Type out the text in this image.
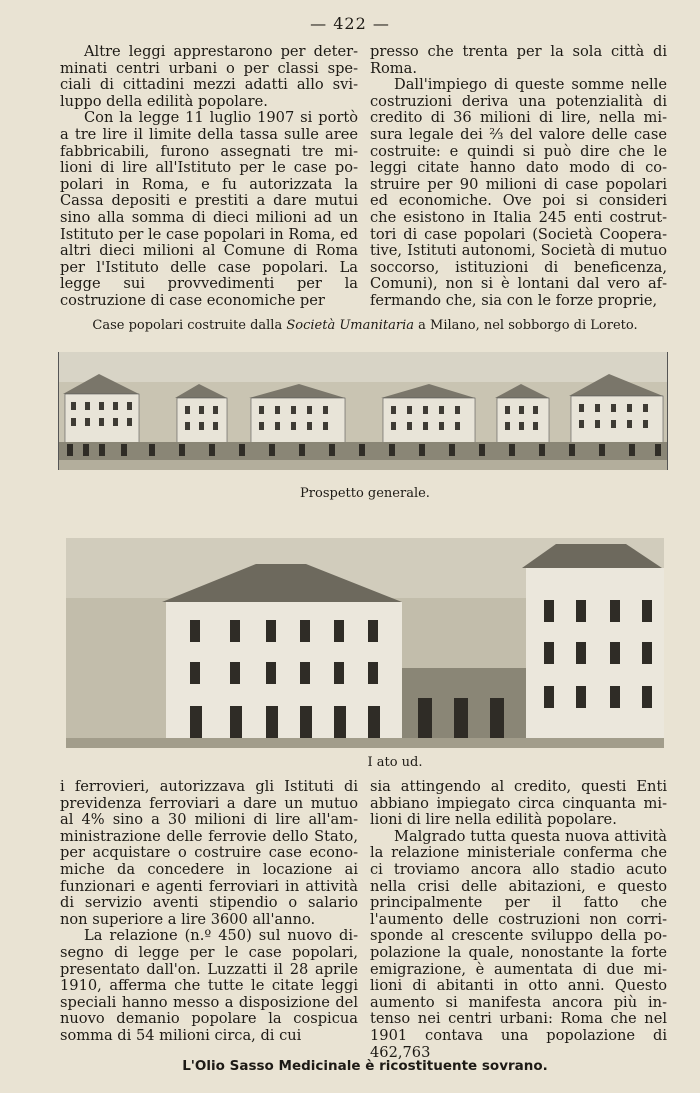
— 422 —

Altre leggi apprestarono per determinati centri urbani o per classi speciali di cittadini mezzi adatti allo sviluppo della edilità popolare.

Con la legge 11 luglio 1907 si portò a tre lire il limite della tassa sulle aree fabbricabili, furono assegnati tre milioni di lire all'Istituto per le case popolari in Roma, e fu autorizzata la Cassa depositi e prestiti a dare mutui sino alla somma di dieci milioni ad un Istituto per le case popolari in Roma, ed altri dieci milioni al Comune di Roma per l'Istituto delle case popolari. La legge sui provvedimenti per la costruzione di case economiche per

presso che trenta per la sola città di Roma.

Dall'impiego di queste somme nelle costruzioni deriva una potenzialità di credito di 36 milioni di lire, nella misura legale dei ⅔ del valore delle case costruite: e quindi si può dire che le leggi citate hanno dato modo di costruire per 90 milioni di case popolari ed economiche. Ove poi si consideri che esistono in Italia 245 enti costruttori di case popolari (Società Cooperative, Istituti autonomi, Società di mutuo soccorso, istituzioni di beneficenza, Comuni), non si è lontani dal vero affermando che, sia con le forze proprie,

Case popolari costruite dalla Società Umanitaria a Milano, nel sobborgo di Loreto.
Prospetto generale.
I ato ud.

i ferrovieri, autorizzava gli Istituti di previdenza ferroviari a dare un mutuo al 4% sino a 30 milioni di lire all'amministrazione delle ferrovie dello Stato, per acquistare o costruire case economiche da concedere in locazione ai funzionari e agenti ferroviari in attività di servizio aventi stipendio o salario non superiore a lire 3600 all'anno.

La relazione (n.º 450) sul nuovo disegno di legge per le case popolari, presentato dall'on. Luzzatti il 28 aprile 1910, afferma che tutte le citate leggi speciali hanno messo a disposizione del nuovo demanio popolare la cospicua somma di 54 milioni circa, di cui

sia attingendo al credito, questi Enti abbiano impiegato circa cinquanta milioni di lire nella edilità popolare.

Malgrado tutta questa nuova attività la relazione ministeriale conferma che ci troviamo ancora allo stadio acuto nella crisi delle abitazioni, e questo principalmente per il fatto che l'aumento delle costruzioni non corrisponde al crescente sviluppo della popolazione la quale, nonostante la forte emigrazione, è aumentata di due milioni di abitanti in otto anni. Questo aumento si manifesta ancora più intenso nei centri urbani: Roma che nel 1901 contava una popolazione di 462,763

L'Olio Sasso Medicinale è ricostituente sovrano.
